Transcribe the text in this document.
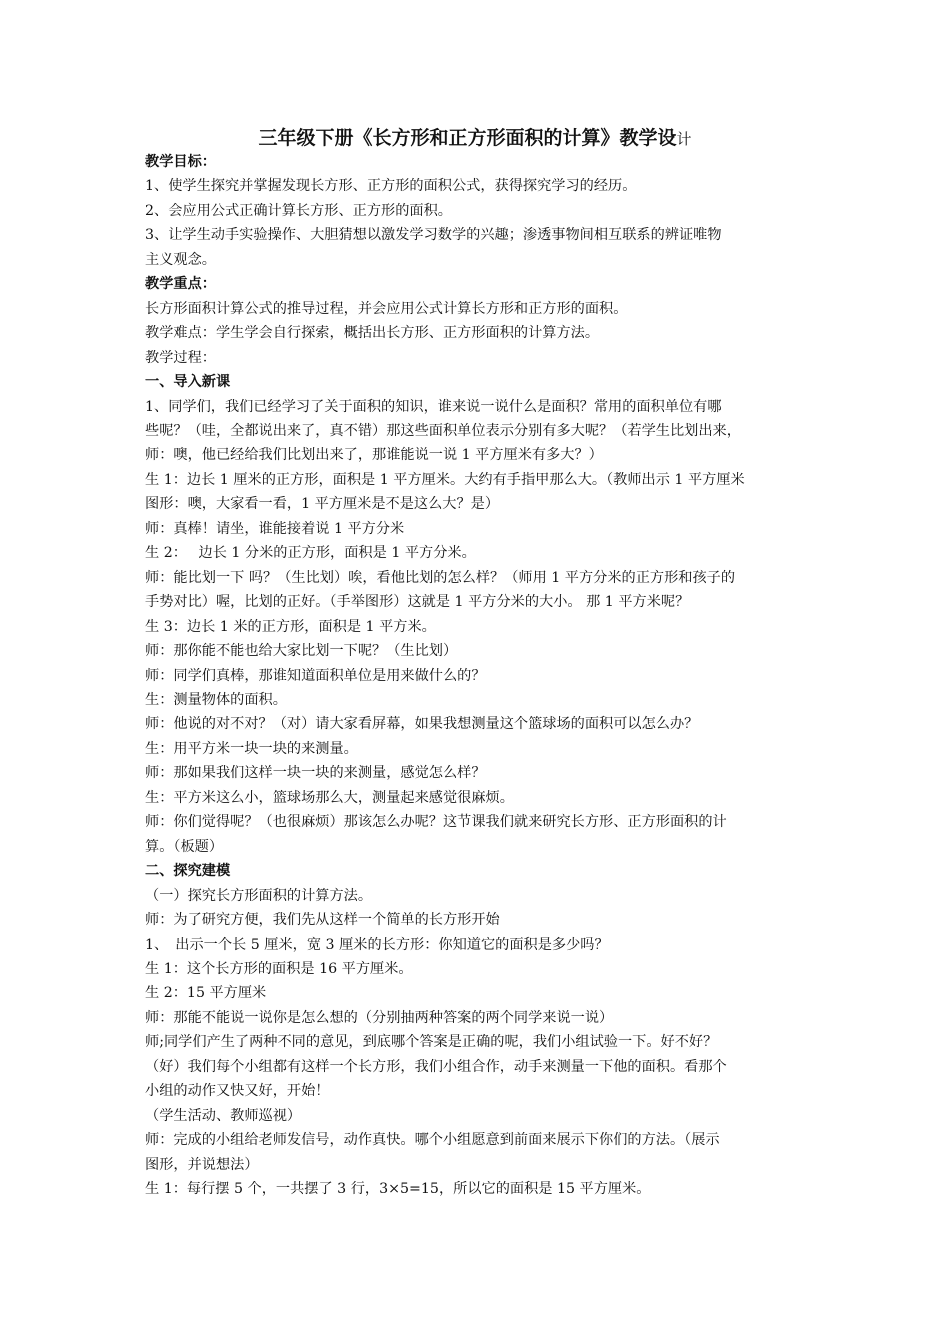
三年级下册《长方形和正方形面积的计算》教学设计

教学目标：

1、使学生探究并掌握发现长方形、正方形的面积公式，获得探究学习的经历。

2、会应用公式正确计算长方形、正方形的面积。

3、让学生动手实验操作、大胆猜想以激发学习数学的兴趣；渗透事物间相互联系的辨证唯物

主义观念。

教学重点：

长方形面积计算公式的推导过程，并会应用公式计算长方形和正方形的面积。

教学难点：学生学会自行探索，概括出长方形、正方形面积的计算方法。

教学过程：

一、导入新课

1、同学们，我们已经学习了关于面积的知识，谁来说一说什么是面积？常用的面积单位有哪

些呢？（哇，全都说出来了，真不错）那这些面积单位表示分别有多大呢？（若学生比划出来，

师：噢，他已经给我们比划出来了，那谁能说一说 1 平方厘米有多大？）

生 1：边长 1 厘米的正方形，面积是 1 平方厘米。大约有手指甲那么大。（教师出示 1 平方厘米

图形：噢，大家看一看，1 平方厘米是不是这么大？是）

师：真棒！请坐，谁能接着说 1 平方分米

生 2：　 边长 1 分米的正方形，面积是 1 平方分米。

师：能比划一下 吗？（生比划）唉，看他比划的怎么样？（师用 1 平方分米的正方形和孩子的

手势对比）喔，比划的正好。（手举图形）这就是 1 平方分米的大小。 那 1 平方米呢？

生 3：边长 1 米的正方形，面积是 1 平方米。

师：那你能不能也给大家比划一下呢？（生比划）

师：同学们真棒，那谁知道面积单位是用来做什么的？

生：测量物体的面积。

师：他说的对不对？（对）请大家看屏幕，如果我想测量这个篮球场的面积可以怎么办？

生：用平方米一块一块的来测量。

师：那如果我们这样一块一块的来测量，感觉怎么样？

生：平方米这么小，篮球场那么大，测量起来感觉很麻烦。

师：你们觉得呢？（也很麻烦）那该怎么办呢？这节课我们就来研究长方形、正方形面积的计

算。（板题）

二、探究建模

（一）探究长方形面积的计算方法。

师：为了研究方便，我们先从这样一个简单的长方形开始

1、　出示一个长 5 厘米，宽 3 厘米的长方形：你知道它的面积是多少吗？

生 1：这个长方形的面积是 16 平方厘米。

生 2：15 平方厘米

师：那能不能说一说你是怎么想的（分别抽两种答案的两个同学来说一说）

师;同学们产生了两种不同的意见，到底哪个答案是正确的呢，我们小组试验一下。好不好？

（好）我们每个小组都有这样一个长方形，我们小组合作，动手来测量一下他的面积。看那个

小组的动作又快又好，开始！

（学生活动、教师巡视）

师：完成的小组给老师发信号，动作真快。哪个小组愿意到前面来展示下你们的方法。（展示

图形，并说想法）

生 1：每行摆 5 个，一共摆了 3 行，3×5=15，所以它的面积是 15 平方厘米。
